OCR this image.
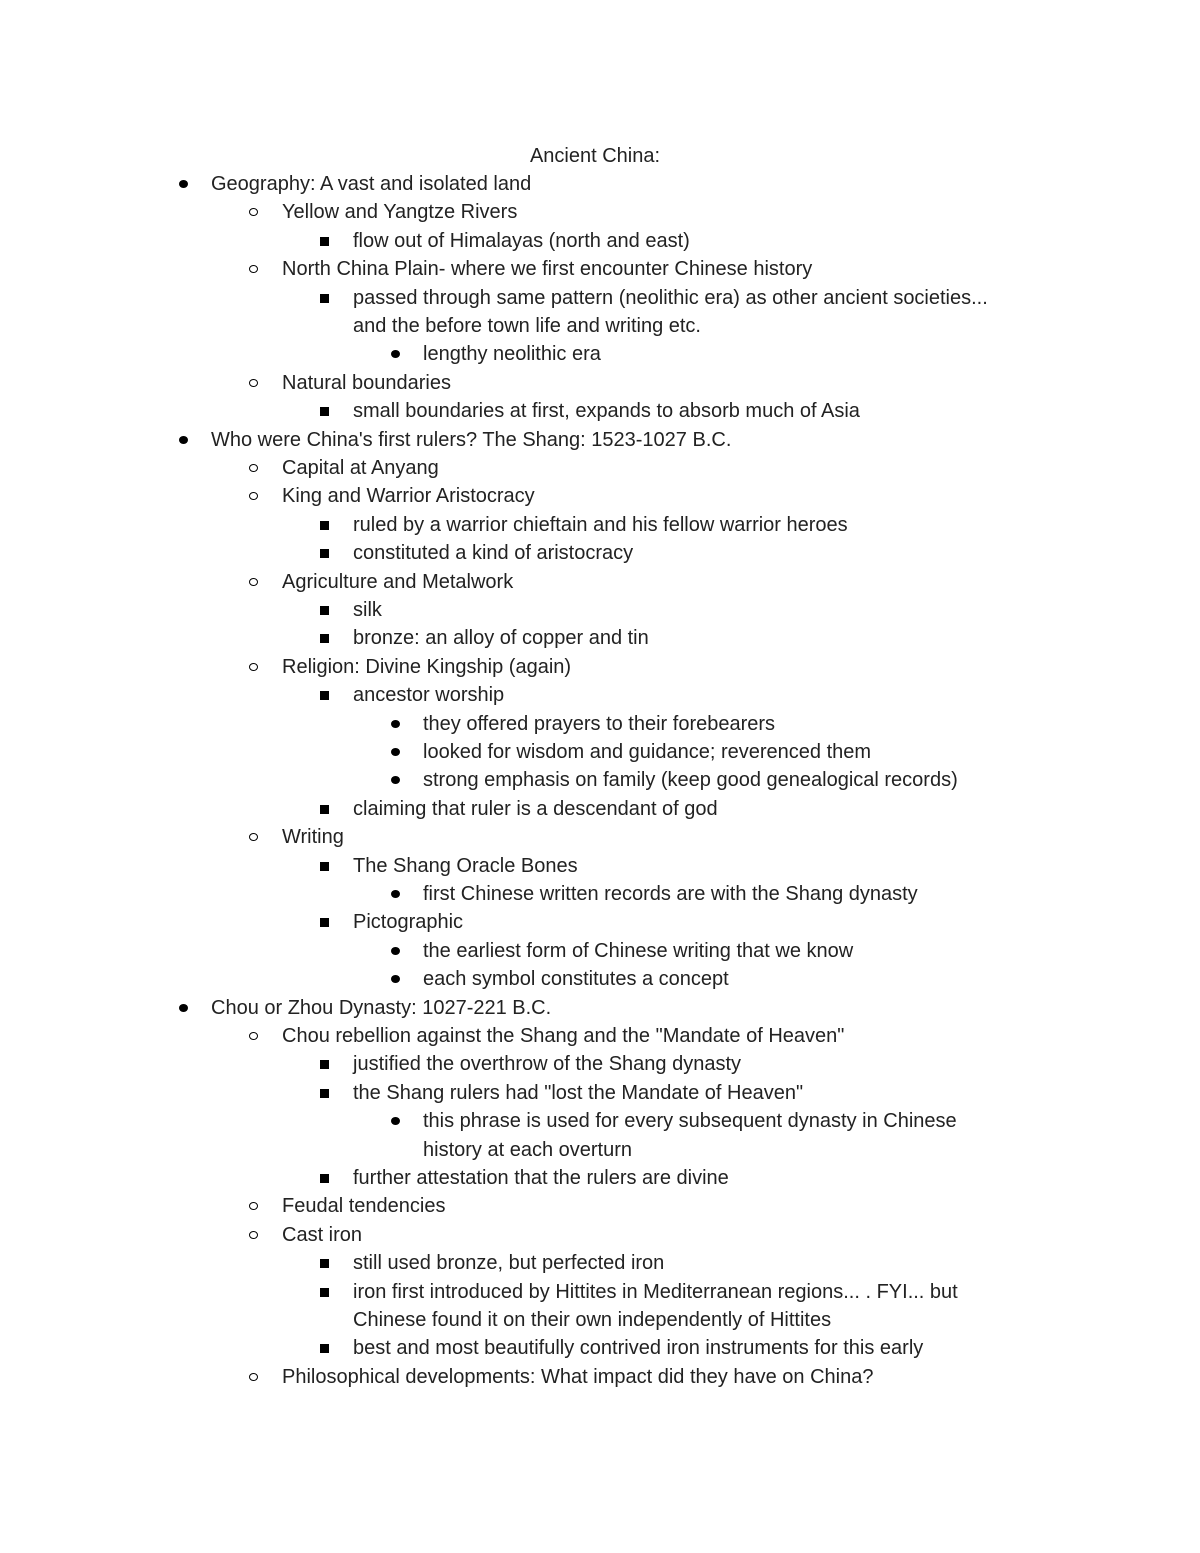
Ancient China:
Geography: A vast and isolated land
Yellow and Yangtze Rivers
flow out of Himalayas (north and east)
North China Plain- where we first encounter Chinese history
passed through same pattern (neolithic era) as other ancient societies...
and the before town life and writing etc.
lengthy neolithic era
Natural boundaries
small boundaries at first, expands to absorb much of Asia
Who were China's first rulers? The Shang: 1523-1027 B.C.
Capital at Anyang
King and Warrior Aristocracy
ruled by a warrior chieftain and his fellow warrior heroes
constituted a kind of aristocracy
Agriculture and Metalwork
silk
bronze: an alloy of copper and tin
Religion: Divine Kingship (again)
ancestor worship
they offered prayers to their forebearers
looked for wisdom and guidance; reverenced them
strong emphasis on family (keep good genealogical records)
claiming that ruler is a descendant of god
Writing
The Shang Oracle Bones
first Chinese written records are with the Shang dynasty
Pictographic
the earliest form of Chinese writing that we know
each symbol constitutes a concept
Chou or Zhou Dynasty: 1027-221 B.C.
Chou rebellion against the Shang and the "Mandate of Heaven"
justified the overthrow of the Shang dynasty
the Shang rulers had "lost the Mandate of Heaven"
this phrase is used for every subsequent dynasty in Chinese
history at each overturn
further attestation that the rulers are divine
Feudal tendencies
Cast iron
still used bronze, but perfected iron
iron first introduced by Hittites in Mediterranean regions... . FYI... but
Chinese found it on their own independently of Hittites
best and most beautifully contrived iron instruments for this early
Philosophical developments: What impact did they have on China?
